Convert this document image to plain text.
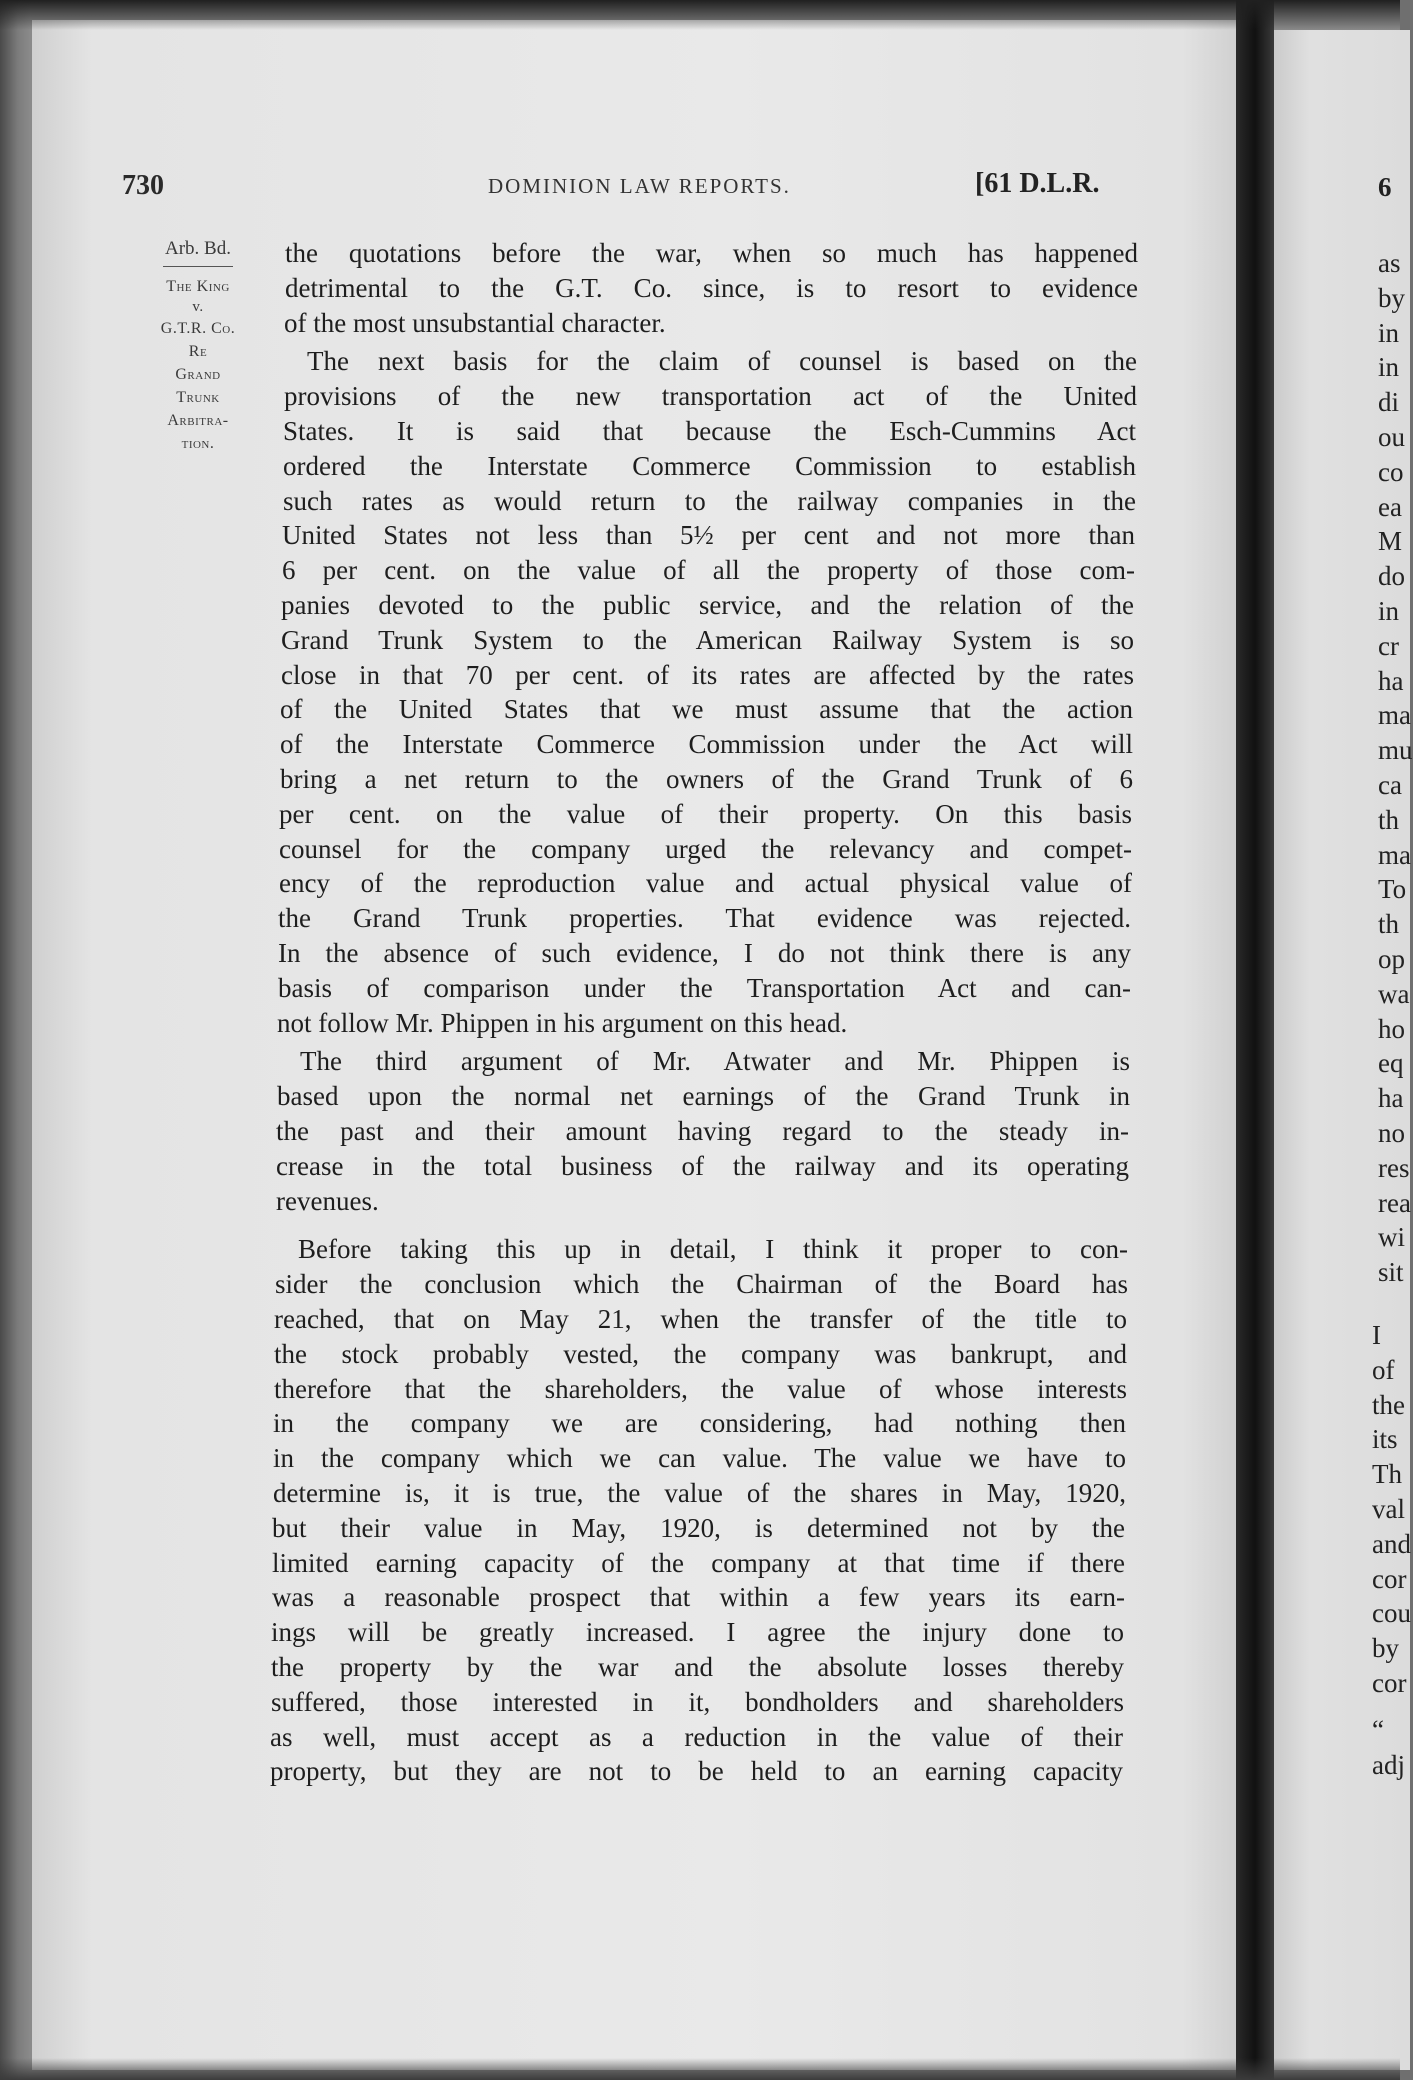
730	DOMINION LAW REPORTS.	[61 D.L.R.	6
Arb. Bd.
The King
v.
G.T.R. Co.
Re
Grand
Trunk
Arbitra-
tion.
the quotations before the war, when so much has happened
detrimental to the G.T. Co. since, is to resort to evidence
of the most unsubstantial character.
The next basis for the claim of counsel is based on the
provisions of the new transportation act of the United
States. It is said that because the Esch-Cummins Act
ordered the Interstate Commerce Commission to establish
such rates as would return to the railway companies in the
United States not less than 5½ per cent and not more than
6 per cent. on the value of all the property of those com-
panies devoted to the public service, and the relation of the
Grand Trunk System to the American Railway System is so
close in that 70 per cent. of its rates are affected by the rates
of the United States that we must assume that the action
of the Interstate Commerce Commission under the Act will
bring a net return to the owners of the Grand Trunk of 6
per cent. on the value of their property. On this basis
counsel for the company urged the relevancy and compet-
ency of the reproduction value and actual physical value of
the Grand Trunk properties. That evidence was rejected.
In the absence of such evidence, I do not think there is any
basis of comparison under the Transportation Act and can-
not follow Mr. Phippen in his argument on this head.
The third argument of Mr. Atwater and Mr. Phippen is
based upon the normal net earnings of the Grand Trunk in
the past and their amount having regard to the steady in-
crease in the total business of the railway and its operating
revenues.
Before taking this up in detail, I think it proper to con-
sider the conclusion which the Chairman of the Board has
reached, that on May 21, when the transfer of the title to
the stock probably vested, the company was bankrupt, and
therefore that the shareholders, the value of whose interests
in the company we are considering, had nothing then
in the company which we can value. The value we have to
determine is, it is true, the value of the shares in May, 1920,
but their value in May, 1920, is determined not by the
limited earning capacity of the company at that time if there
was a reasonable prospect that within a few years its earn-
ings will be greatly increased. I agree the injury done to
the property by the war and the absolute losses thereby
suffered, those interested in it, bondholders and shareholders
as well, must accept as a reduction in the value of their
property, but they are not to be held to an earning capacity
as
by
in
in
di
ou
co
ea
M
do
in
cr
ha
ma
mu
ca
th
ma
To
th
op
wa
ho
eq
ha
no
res
rea
wi
sit
I
of
the
its
Th
val
and
cor
cou
by
cor
“
adj
